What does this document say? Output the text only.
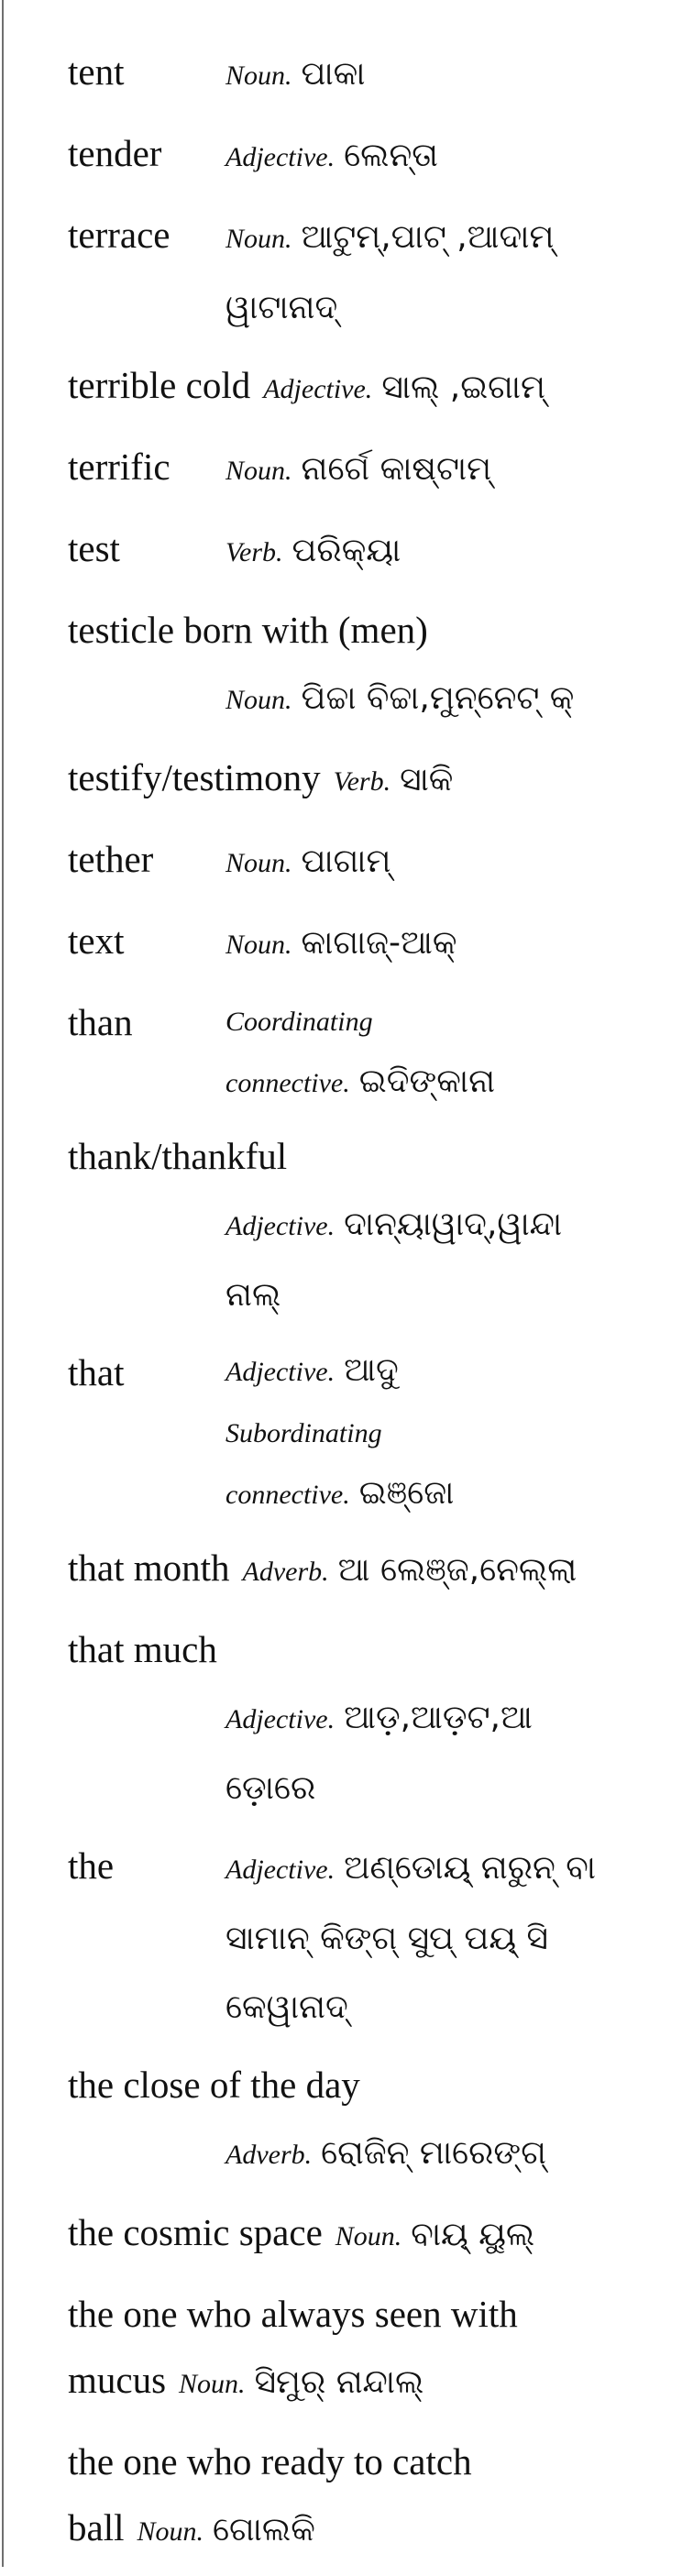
tent	Noun. ପାକା
tender Adjective. ଲେନ୍ତା
terrace Noun. ଆଟୁମ୍,ପାଟ୍ ,ଆଦାମ୍ ୱାଟାନାଦ୍
terrible cold Adjective. ସାଲ୍ ,ଇଗାମ୍
terrific Noun. ନାର୍ଗେ କାଷ୍ଟାମ୍
test	Verb. ପରିକ୍ୟା
testicle born with (men)
Noun. ପିଚ୍ଚା ବିଚ୍ଚା,ମୁନ୍ନେଟ୍ କ୍
testify/testimony Verb. ସାକି
tether	Noun. ପାଗାମ୍
text	Noun. କାଗାଜ୍-ଆକ୍
than	Coordinating connective. ଇଦିଙ୍କାନା
thank/thankful
Adjective. ଦାନ୍ୟାୱାଦ୍,ୱାନ୍ଦା ନାଲ୍
that	Adjective. ଆଦୁ
Subordinating connective. ଇଞ୍ଜୋ
that month Adverb. ଆ ଲେଞ୍ଜ,ନେଲ୍ଲା
that much
Adjective. ଆଡ଼,ଆଡ଼ଟ,ଆ ଡ଼ୋରେ
the	Adjective. ଅଣ୍ଡୋୟ୍ ନାରୁନ୍ ବା ସାମାନ୍ କିଙ୍ଗ୍ ସୁପ୍ ପୟ୍ ସି କେୱାନାଦ୍
the close of the day
Adverb. ରୋଜିନ୍ ମାରେଙ୍ଗ୍
the cosmic space Noun. ବାୟ୍ ୟୁଲ୍
the one who always seen with mucus Noun. ସିମୁର୍ ନାନ୍ଦାଲ୍
the one who ready to catch ball Noun. ଗୋଲକି
